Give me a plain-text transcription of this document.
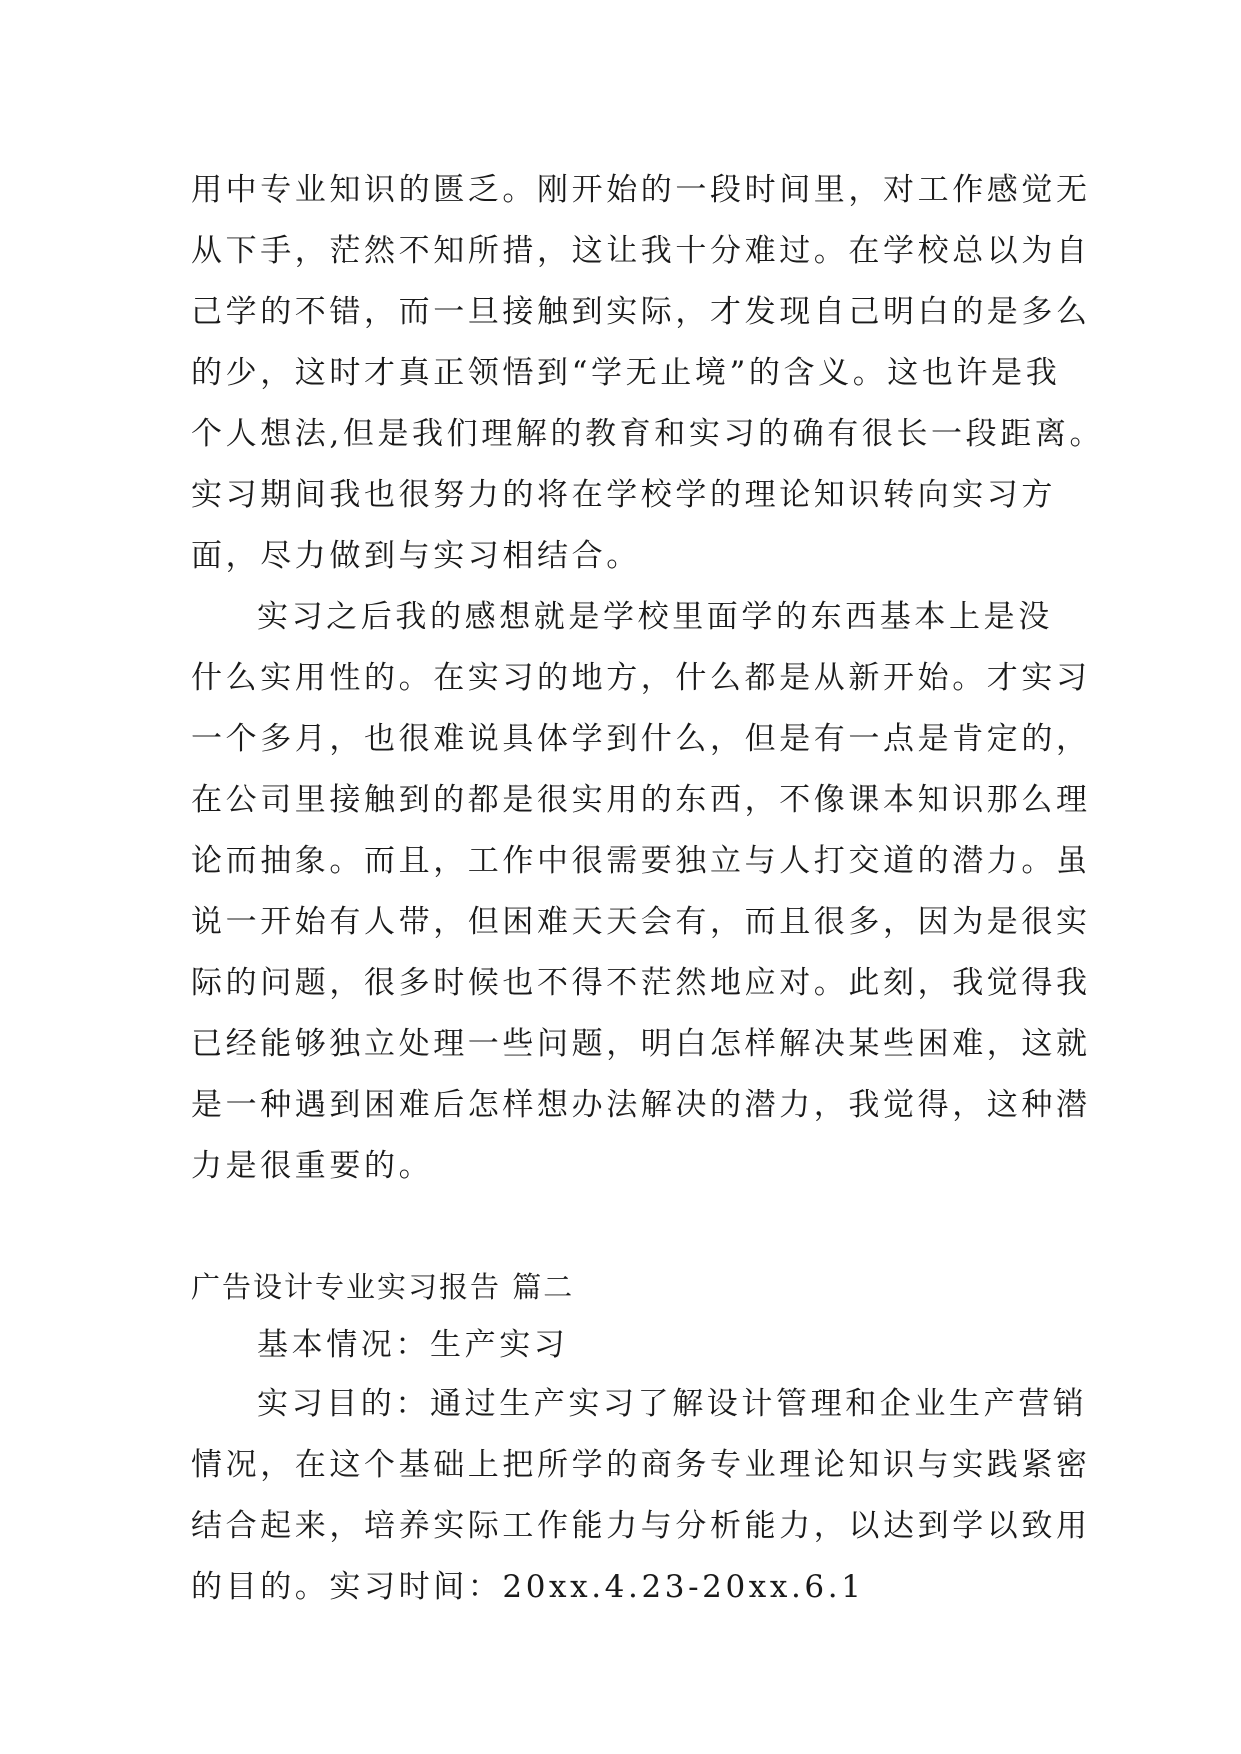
用中专业知识的匮乏。刚开始的一段时间里，对工作感觉无
从下手，茫然不知所措，这让我十分难过。在学校总以为自
己学的不错，而一旦接触到实际，才发现自己明白的是多么
的少，这时才真正领悟到“学无止境”的含义。这也许是我
个人想法,但是我们理解的教育和实习的确有很长一段距离。
实习期间我也很努力的将在学校学的理论知识转向实习方
面，尽力做到与实习相结合。
实习之后我的感想就是学校里面学的东西基本上是没
什么实用性的。在实习的地方，什么都是从新开始。才实习
一个多月，也很难说具体学到什么，但是有一点是肯定的，
在公司里接触到的都是很实用的东西，不像课本知识那么理
论而抽象。而且，工作中很需要独立与人打交道的潜力。虽
说一开始有人带，但困难天天会有，而且很多，因为是很实
际的问题，很多时候也不得不茫然地应对。此刻，我觉得我
已经能够独立处理一些问题，明白怎样解决某些困难，这就
是一种遇到困难后怎样想办法解决的潜力，我觉得，这种潜
力是很重要的。
广告设计专业实习报告 篇二
基本情况：生产实习
实习目的：通过生产实习了解设计管理和企业生产营销
情况，在这个基础上把所学的商务专业理论知识与实践紧密
结合起来，培养实际工作能力与分析能力，以达到学以致用
的目的。实习时间：20xx.4.23-20xx.6.1
